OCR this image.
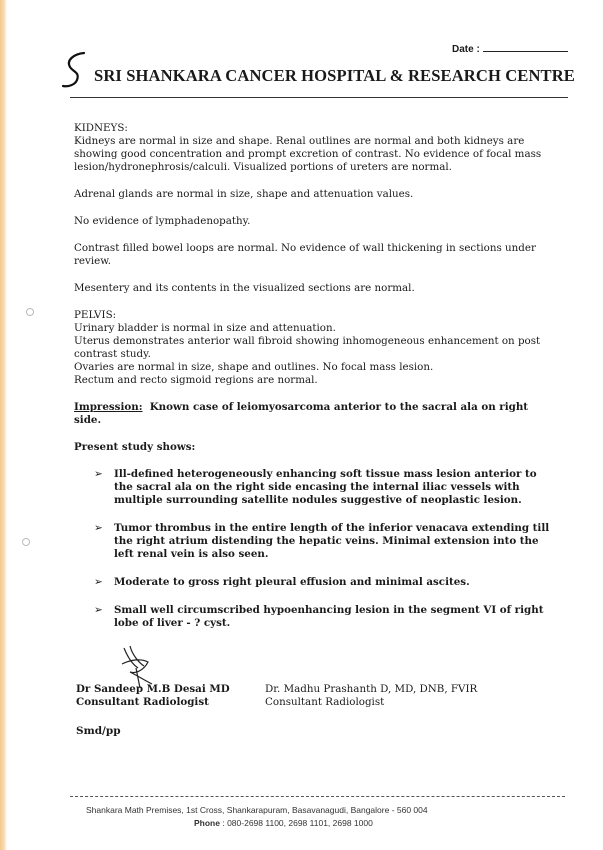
Date :
SRI SHANKARA CANCER HOSPITAL & RESEARCH CENTRE

KIDNEYS:

Kidneys are normal in size and shape. Renal outlines are normal and both kidneys are showing good concentration and prompt excretion of contrast. No evidence of focal mass lesion/hydronephrosis/calculi. Visualized portions of ureters are normal.

Adrenal glands are normal in size, shape and attenuation values.

No evidence of lymphadenopathy.

Contrast filled bowel loops are normal. No evidence of wall thickening in sections under review.

Mesentery and its contents in the visualized sections are normal.

PELVIS:

Urinary bladder is normal in size and attenuation.

Uterus demonstrates anterior wall fibroid showing inhomogeneous enhancement on post contrast study.

Ovaries are normal in size, shape and outlines. No focal mass lesion.

Rectum and recto sigmoid regions are normal.

Impression: Known case of leiomyosarcoma anterior to the sacral ala on right side.

Present study shows:

➢ Ill-defined heterogeneously enhancing soft tissue mass lesion anterior to the sacral ala on the right side encasing the internal iliac vessels with multiple surrounding satellite nodules suggestive of neoplastic lesion.
➢ Tumor thrombus in the entire length of the inferior venacava extending till the right atrium distending the hepatic veins. Minimal extension into the left renal vein is also seen.
➢ Moderate to gross right pleural effusion and minimal ascites.
➢ Small well circumscribed hypoenhancing lesion in the segment VI of right lobe of liver - ? cyst.
Dr Sandeep M.B Desai MD
Consultant Radiologist
Dr. Madhu Prashanth D, MD, DNB, FVIR
Consultant Radiologist
Smd/pp
Shankara Math Premises, 1st Cross, Shankarapuram, Basavanagudi, Bangalore - 560 004
Phone : 080-2698 1100, 2698 1101, 2698 1000
